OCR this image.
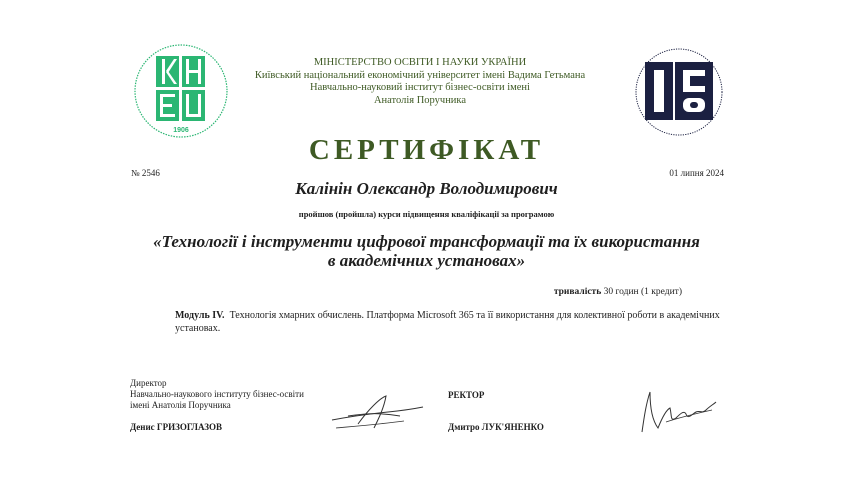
1906
МІНІСТЕРСТВО ОСВІТИ І НАУКИ УКРАЇНИ
Київський національний економічний університет імені Вадима Гетьмана
Навчально-науковий інститут бізнес-освіти імені
Анатолія Поручника
СЕРТИФІКАТ
№ 2546	01 липня 2024
Калінін Олександр Володимирович
пройшов (пройшла) курси підвищення кваліфікації за програмою
«Технології і інструменти цифрової трансформації та їх використання
в академічних установах»
тривалість 30 годин (1 кредит)
Модуль IV. Технологія хмарних обчислень. Платформа Microsoft 365 та її використання для колективної роботи в академічних установах.
Директор
Навчально-наукового інституту бізнес-освіти
імені Анатолія Поручника
Денис ГРИЗОГЛАЗОВ
РЕКТОР
Дмитро ЛУК'ЯНЕНКО
